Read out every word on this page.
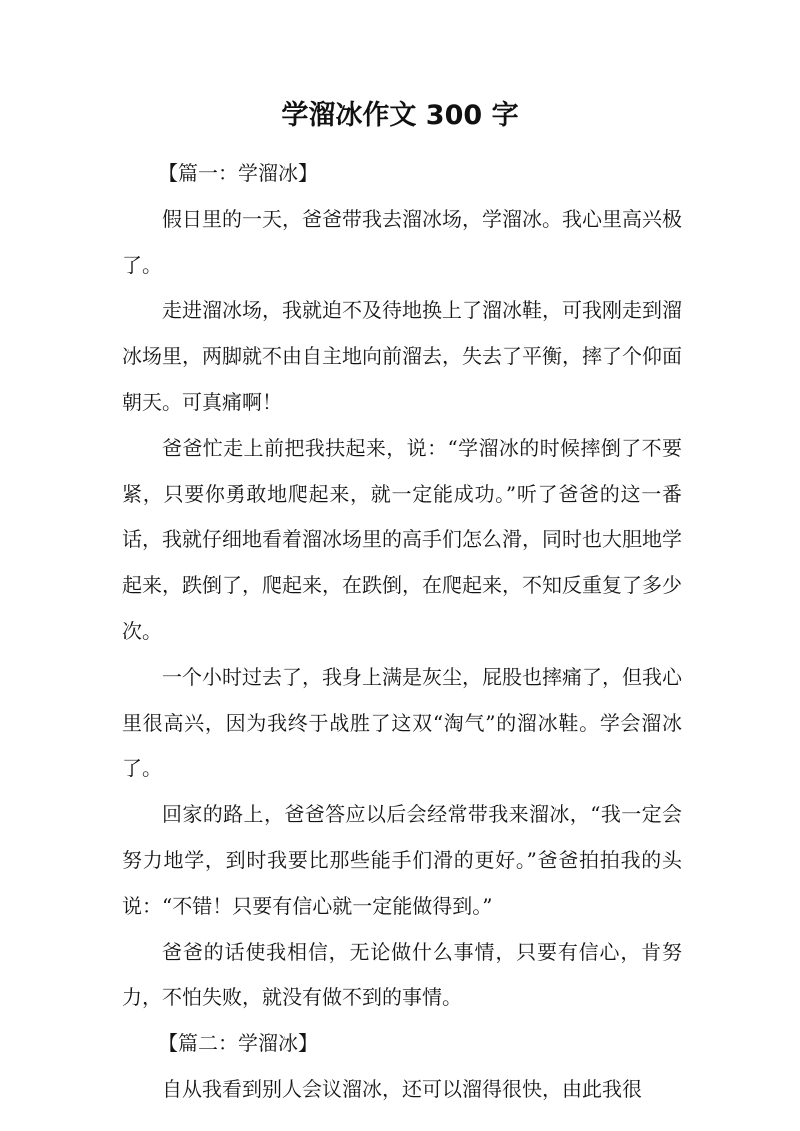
学溜冰作文 300 字

【篇一：学溜冰】

假日里的一天，爸爸带我去溜冰场，学溜冰。我心里高兴极了。

走进溜冰场，我就迫不及待地换上了溜冰鞋，可我刚走到溜冰场里，两脚就不由自主地向前溜去，失去了平衡，摔了个仰面朝天。可真痛啊！

爸爸忙走上前把我扶起来，说：“学溜冰的时候摔倒了不要紧，只要你勇敢地爬起来，就一定能成功。”听了爸爸的这一番话，我就仔细地看着溜冰场里的高手们怎么滑，同时也大胆地学起来，跌倒了，爬起来，在跌倒，在爬起来，不知反重复了多少次。

一个小时过去了，我身上满是灰尘，屁股也摔痛了，但我心里很高兴，因为我终于战胜了这双“淘气”的溜冰鞋。学会溜冰了。

回家的路上，爸爸答应以后会经常带我来溜冰，“我一定会努力地学，到时我要比那些能手们滑的更好。”爸爸拍拍我的头说：“不错！只要有信心就一定能做得到。”

爸爸的话使我相信，无论做什么事情，只要有信心，肯努力，不怕失败，就没有做不到的事情。

【篇二：学溜冰】

自从我看到别人会议溜冰，还可以溜得很快，由此我很
